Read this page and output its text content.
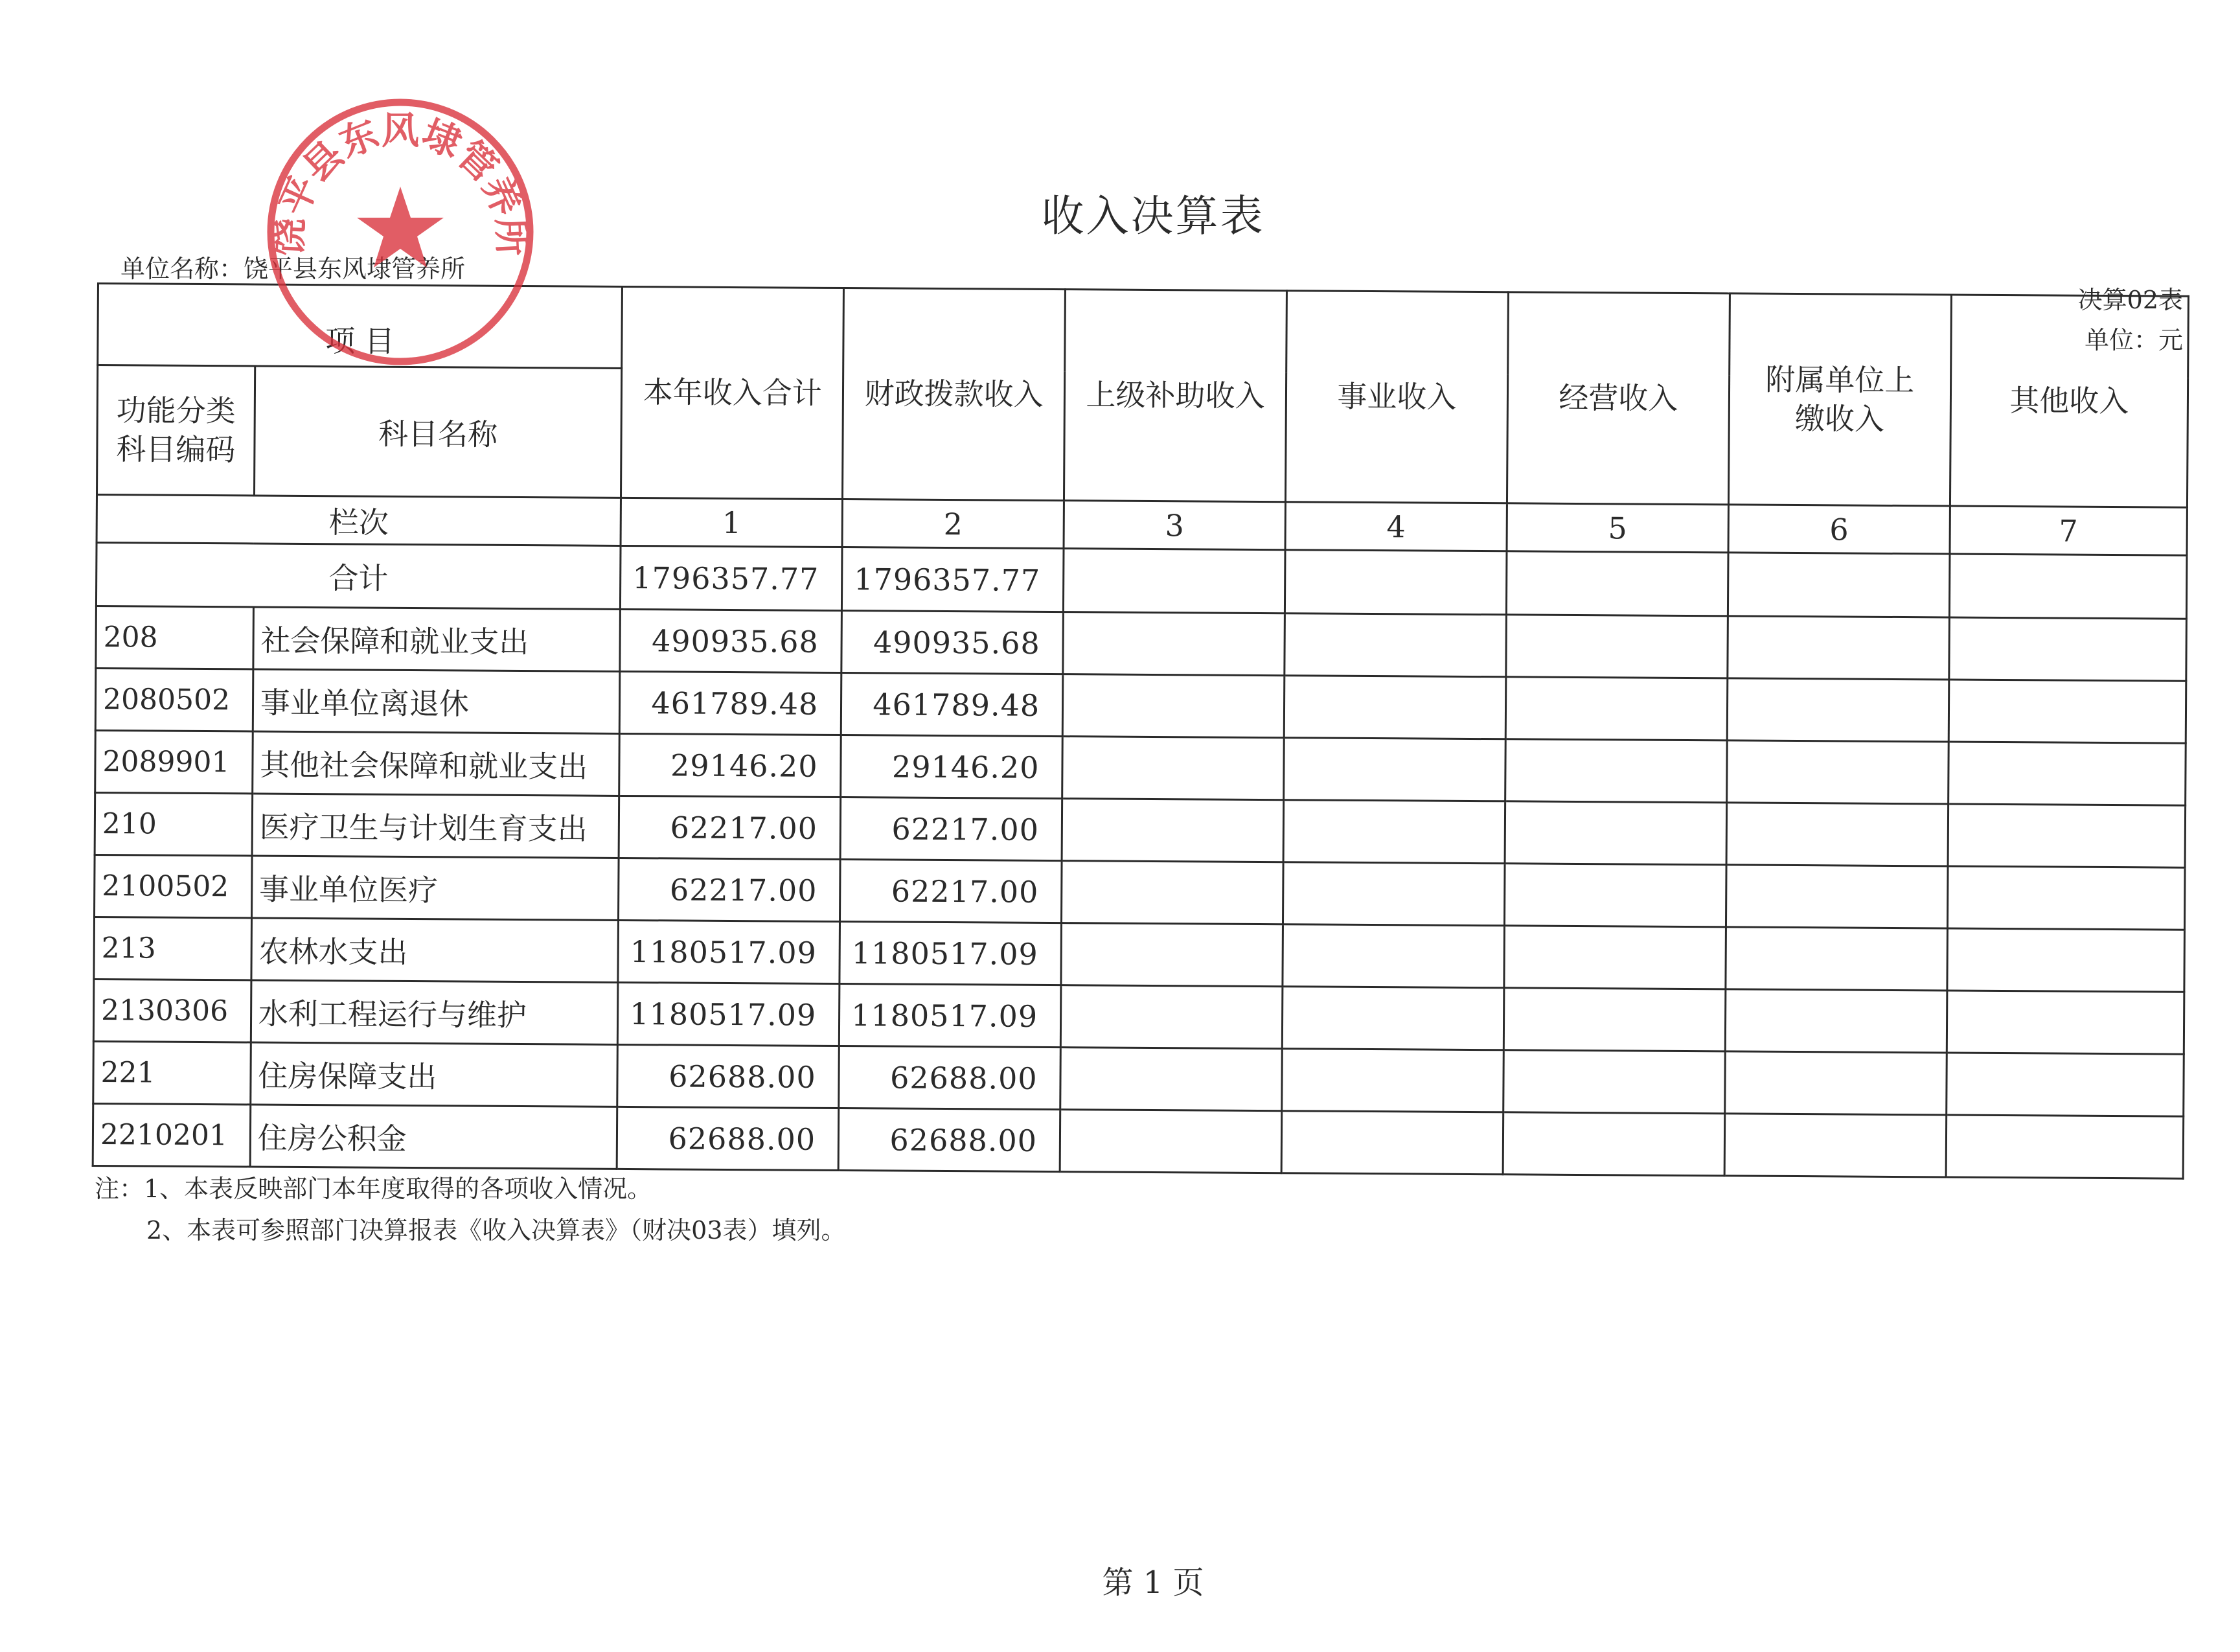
收入决算表
单位名称：饶平县东风埭管养所
决算02表
单位：元
项 目		本年收入合计	财政拨款收入	上级补助收入	事业收入	经营收入	附属单位上缴收入	其他收入
功能分类科目编码	科目名称							
栏次		1	2	3	4	5	6	7
合计		1796357.77	1796357.77					
208	社会保障和就业支出	490935.68	490935.68					
2080502	事业单位离退休	461789.48	461789.48					
2089901	其他社会保障和就业支出	29146.20	29146.20					
210	医疗卫生与计划生育支出	62217.00	62217.00					
2100502	事业单位医疗	62217.00	62217.00					
213	农林水支出	1180517.09	1180517.09					
2130306	水利工程运行与维护	1180517.09	1180517.09					
221	住房保障支出	62688.00	62688.00					
2210201	住房公积金	62688.00	62688.00					
注：1、本表反映部门本年度取得的各项收入情况。
2、本表可参照部门决算报表《收入决算表》（财决03表）填列。
第 1 页
饶平县东风埭管养所
